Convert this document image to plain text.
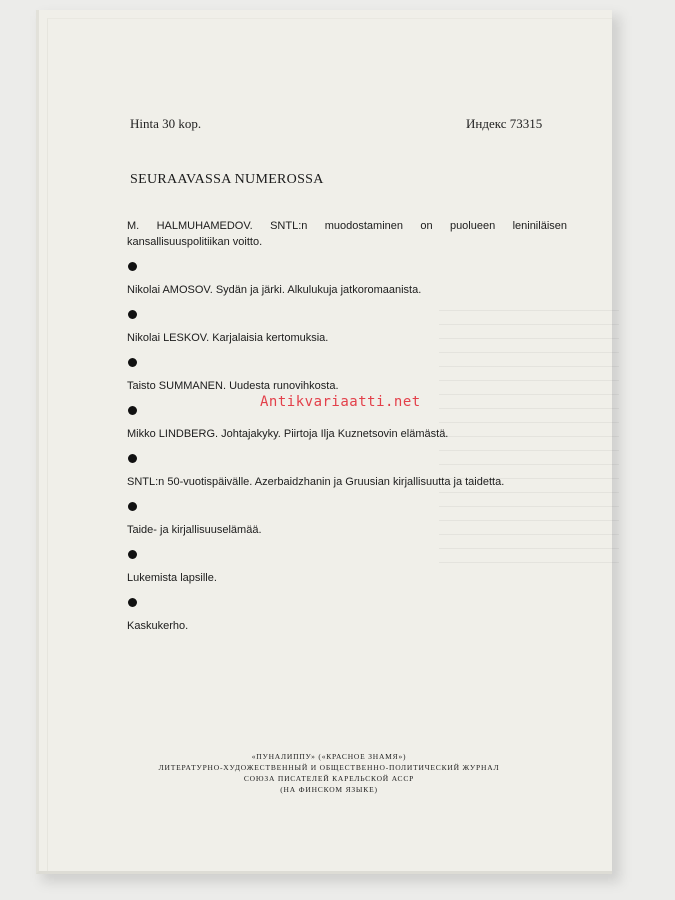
Hinta 30 kop.	Индекс 73315
SEURAAVASSA NUMEROSSA
M. HALMUHAMEDOV. SNTL:n muodostaminen on puolueen leniniläisen kansallisuuspolitiikan voitto.
Nikolai AMOSOV. Sydän ja järki. Alkulukuja jatkoromaanista.
Nikolai LESKOV. Karjalaisia kertomuksia.
Taisto SUMMANEN. Uudesta runovihkosta.
Mikko LINDBERG. Johtajakyky. Piirtoja Ilja Kuznetsovin elämästä.
SNTL:n 50-vuotispäivälle. Azerbaidzhanin ja Gruusian kirjallisuutta ja taidetta.
Taide- ja kirjallisuuselämää.
Lukemista lapsille.
Kaskukerho.
«ПУНАЛИППУ» («КРАСНОЕ ЗНАМЯ»)
ЛИТЕРАТУРНО-ХУДОЖЕСТВЕННЫЙ И ОБЩЕСТВЕННО-ПОЛИТИЧЕСКИЙ ЖУРНАЛ
СОЮЗА ПИСАТЕЛЕЙ КАРЕЛЬСКОЙ АССР
(НА ФИНСКОМ ЯЗЫКЕ)
Antikvariaatti.net
